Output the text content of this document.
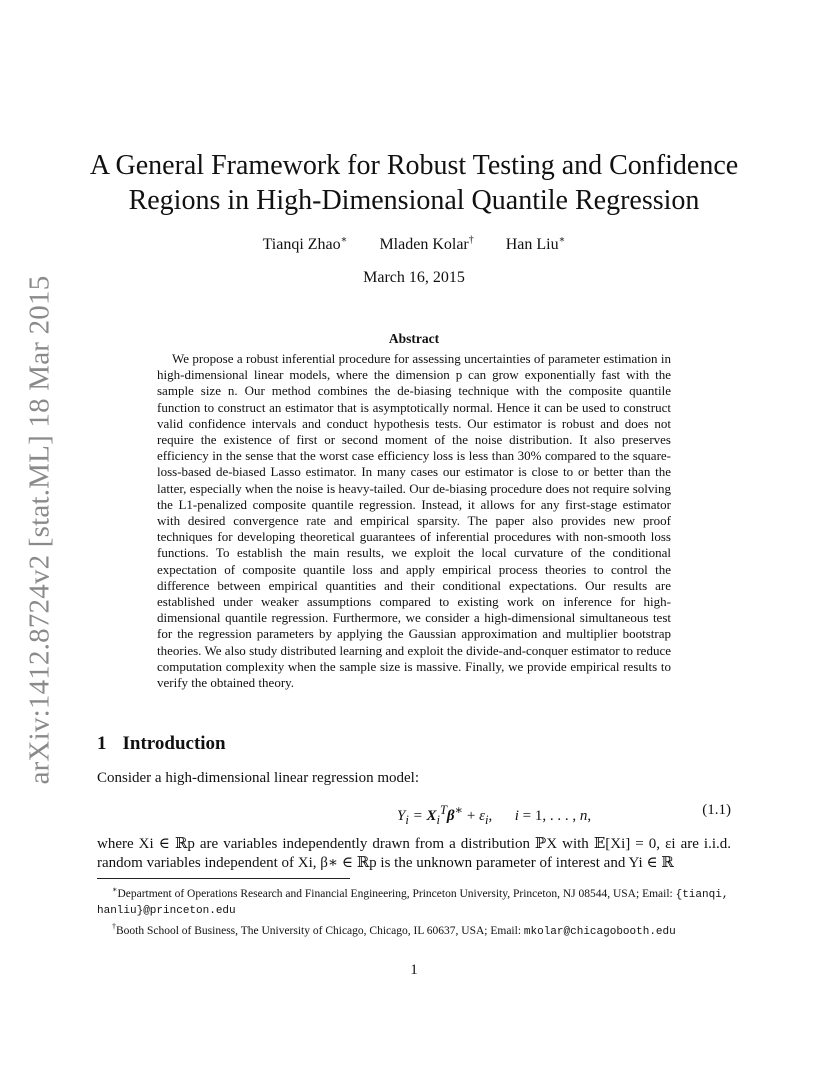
arXiv:1412.8724v2 [stat.ML] 18 Mar 2015
A General Framework for Robust Testing and Confidence
Regions in High-Dimensional Quantile Regression
Tianqi Zhao∗ Mladen Kolar† Han Liu∗
March 16, 2015
Abstract

We propose a robust inferential procedure for assessing uncertainties of parameter estimation in high-dimensional linear models, where the dimension p can grow exponentially fast with the sample size n. Our method combines the de-biasing technique with the composite quantile function to construct an estimator that is asymptotically normal. Hence it can be used to construct valid confidence intervals and conduct hypothesis tests. Our estimator is robust and does not require the existence of first or second moment of the noise distribution. It also preserves efficiency in the sense that the worst case efficiency loss is less than 30% compared to the square-loss-based de-biased Lasso estimator. In many cases our estimator is close to or better than the latter, especially when the noise is heavy-tailed. Our de-biasing procedure does not require solving the L1-penalized composite quantile regression. Instead, it allows for any first-stage estimator with desired convergence rate and empirical sparsity. The paper also provides new proof techniques for developing theoretical guarantees of inferential procedures with non-smooth loss functions. To establish the main results, we exploit the local curvature of the conditional expectation of composite quantile loss and apply empirical process theories to control the difference between empirical quantities and their conditional expectations. Our results are established under weaker assumptions compared to existing work on inference for high-dimensional quantile regression. Furthermore, we consider a high-dimensional simultaneous test for the regression parameters by applying the Gaussian approximation and multiplier bootstrap theories. We also study distributed learning and exploit the divide-and-conquer estimator to reduce computation complexity when the sample size is massive. Finally, we provide empirical results to verify the obtained theory.

1 Introduction

Consider a high-dimensional linear regression model:

$Y_i = X_i^T\beta^∗ + \varepsilon_i$,      i = 1, . . . , n,	(1.1)

where Xi ∈ ℝp are variables independently drawn from a distribution ℙX with 𝔼[Xi] = 0, εi are i.i.d. random variables independent of Xi, β∗ ∈ ℝp is the unknown parameter of interest and Yi ∈ ℝ

∗Department of Operations Research and Financial Engineering, Princeton University, Princeton, NJ 08544, USA; Email: {tianqi, hanliu}@princeton.edu

†Booth School of Business, The University of Chicago, Chicago, IL 60637, USA; Email: mkolar@chicagobooth.edu

1
